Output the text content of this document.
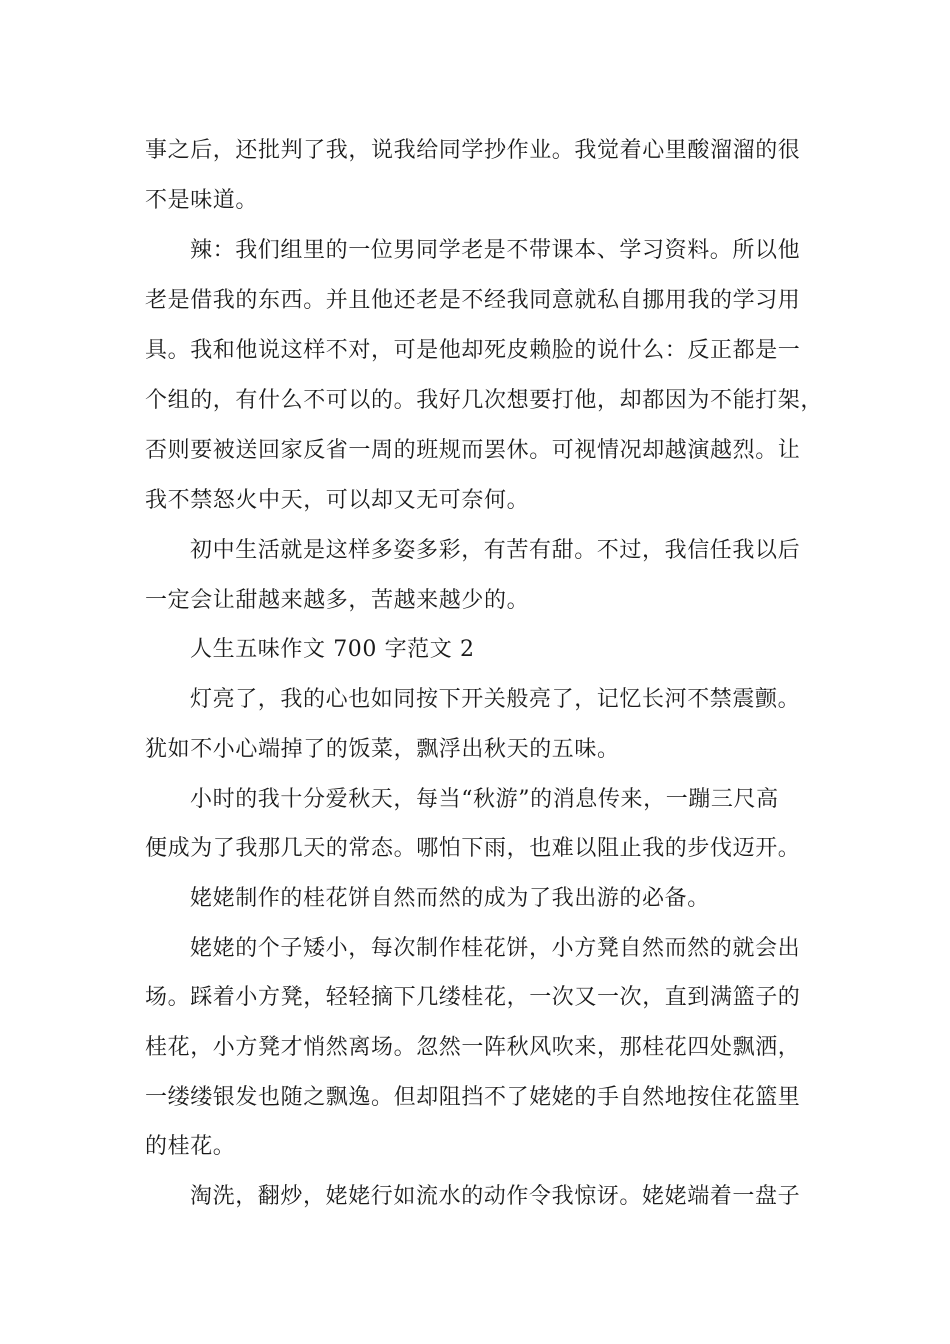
事之后，还批判了我，说我给同学抄作业。我觉着心里酸溜溜的很
不是味道。
辣：我们组里的一位男同学老是不带课本、学习资料。所以他
老是借我的东西。并且他还老是不经我同意就私自挪用我的学习用
具。我和他说这样不对，可是他却死皮赖脸的说什么：反正都是一
个组的，有什么不可以的。我好几次想要打他，却都因为不能打架，
否则要被送回家反省一周的班规而罢休。可视情况却越演越烈。让
我不禁怒火中天，可以却又无可奈何。
初中生活就是这样多姿多彩，有苦有甜。不过，我信任我以后
一定会让甜越来越多，苦越来越少的。
人生五味作文 700 字范文 2
灯亮了，我的心也如同按下开关般亮了，记忆长河不禁震颤。
犹如不小心端掉了的饭菜，飘浮出秋天的五味。
小时的我十分爱秋天，每当“秋游”的消息传来，一蹦三尺高
便成为了我那几天的常态。哪怕下雨，也难以阻止我的步伐迈开。
姥姥制作的桂花饼自然而然的成为了我出游的必备。
姥姥的个子矮小，每次制作桂花饼，小方凳自然而然的就会出
场。踩着小方凳，轻轻摘下几缕桂花，一次又一次，直到满篮子的
桂花，小方凳才悄然离场。忽然一阵秋风吹来，那桂花四处飘洒，
一缕缕银发也随之飘逸。但却阻挡不了姥姥的手自然地按住花篮里
的桂花。
淘洗，翻炒，姥姥行如流水的动作令我惊讶。姥姥端着一盘子
